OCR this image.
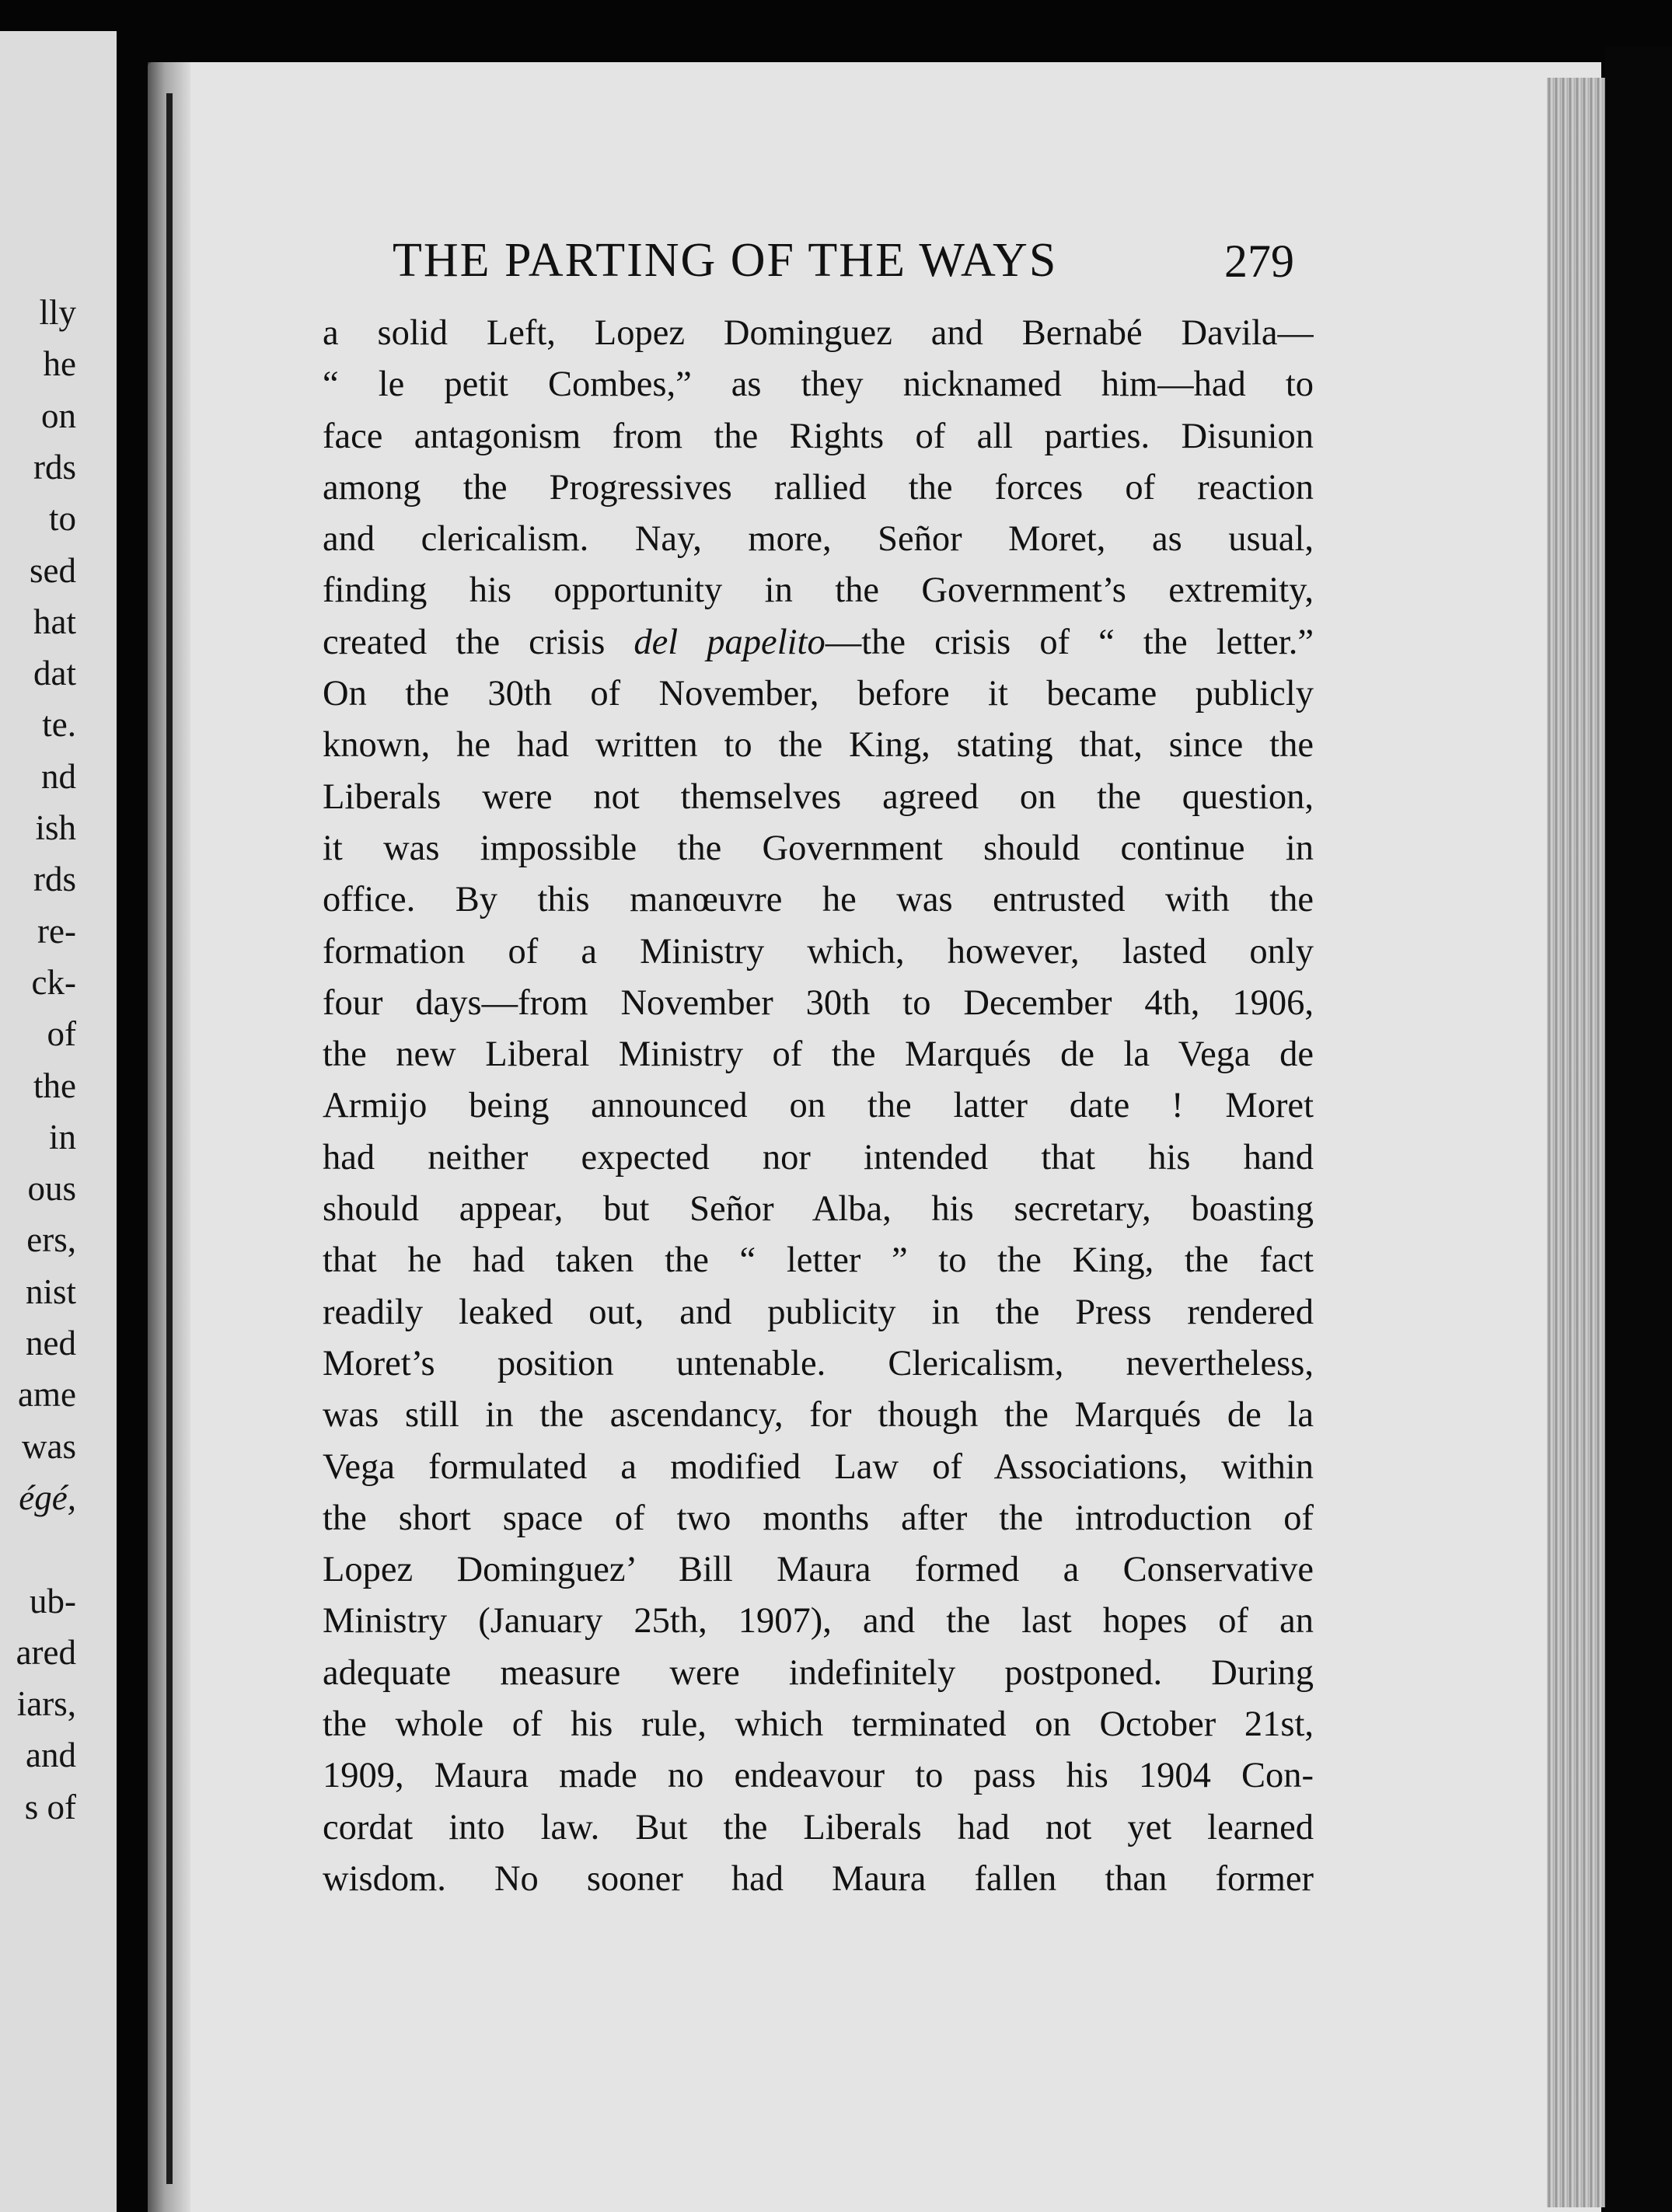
lly
he
on
rds
to
sed
hat
dat
te.
nd
ish
rds
re-
ck-
of
the
in
ous
ers,
nist
ned
ame
was
égé,
ub-
ared
iars,
and
s of
THE PARTING OF THE WAYS	279
a solid Left, Lopez Dominguez and Bernabé Davila—
“ le petit Combes,” as they nicknamed him—had to
face antagonism from the Rights of all parties. Disunion
among the Progressives rallied the forces of reaction
and clericalism. Nay, more, Señor Moret, as usual,
finding his opportunity in the Government’s extremity,
created the crisis del papelito—the crisis of “ the letter.”
On the 30th of November, before it became publicly
known, he had written to the King, stating that, since the
Liberals were not themselves agreed on the question,
it was impossible the Government should continue in
office. By this manœuvre he was entrusted with the
formation of a Ministry which, however, lasted only
four days—from November 30th to December 4th, 1906,
the new Liberal Ministry of the Marqués de la Vega de
Armijo being announced on the latter date ! Moret
had neither expected nor intended that his hand
should appear, but Señor Alba, his secretary, boasting
that he had taken the “ letter ” to the King, the fact
readily leaked out, and publicity in the Press rendered
Moret’s position untenable. Clericalism, nevertheless,
was still in the ascendancy, for though the Marqués de la
Vega formulated a modified Law of Associations, within
the short space of two months after the introduction of
Lopez Dominguez’ Bill Maura formed a Conservative
Ministry (January 25th, 1907), and the last hopes of an
adequate measure were indefinitely postponed. During
the whole of his rule, which terminated on October 21st,
1909, Maura made no endeavour to pass his 1904 Con-
cordat into law. But the Liberals had not yet learned
wisdom. No sooner had Maura fallen than former
